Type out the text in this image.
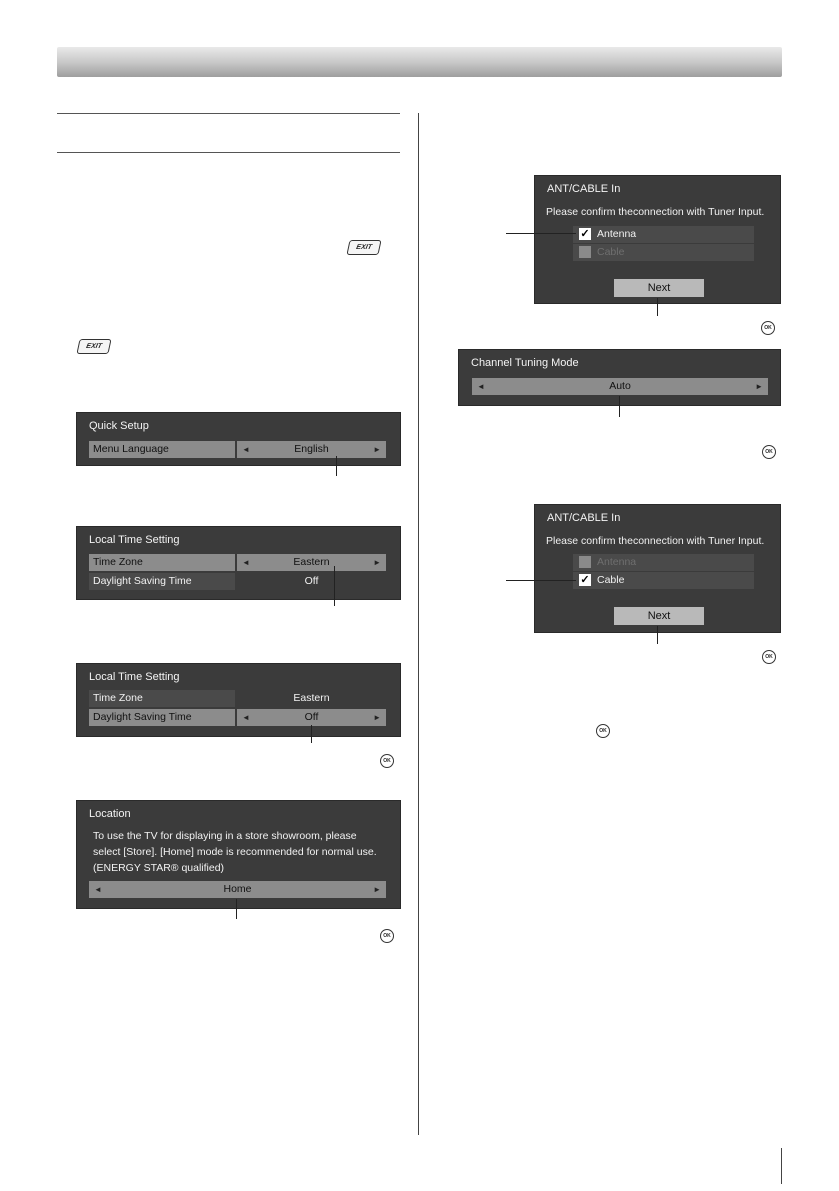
EXIT
EXIT
Quick Setup
Menu Language	◄	English	►
Local Time Setting
Time Zone	◄	Eastern	►
Daylight Saving Time	Off
Local Time Setting
Time Zone	Eastern
Daylight Saving Time	◄	Off	►
OK
Location
To use the TV for displaying in a store showroom, please
select [Store]. [Home] mode is recommended for normal use.
(ENERGY STAR® qualified)
◄	Home	►
OK
ANT/CABLE In
Please confirm theconnection with Tuner Input.
✓ Antenna
Cable
Next
OK
Channel Tuning Mode
◄	Auto	►
OK
ANT/CABLE In
Please confirm theconnection with Tuner Input.
Antenna
✓ Cable
Next
OK
OK
